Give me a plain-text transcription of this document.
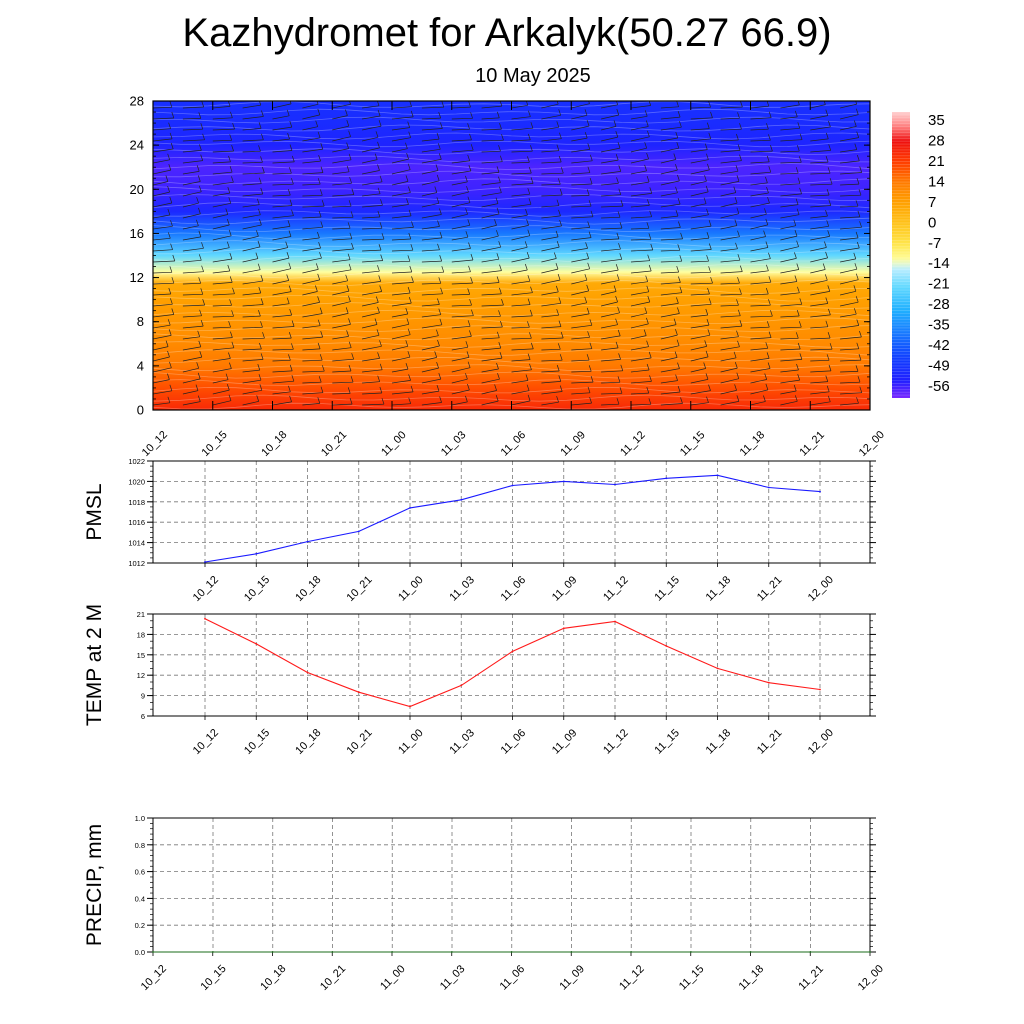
Kazhydromet for Arkalyk(50.27 66.9)
10 May 2025
0
4
8
12
16
20
24
28
10_12	10_15	10_18	10_21	11_00	11_03	11_06	11_09	11_12	11_15	11_18	11_21	12_00
35
28
21
14
7
0
-7
-14
-21
-28
-35
-42
-49
-56
1012
1014
1016
1018
1020
1022
10_12 10_15 10_18 10_21 11_00 11_03 11_06 11_09 11_12 11_15 11_18 11_21 12_00
PMSL
6
9
12
15
18
21
10_12 10_15 10_18 10_21 11_00 11_03 11_06 11_09 11_12 11_15 11_18 11_21 12_00
TEMP at 2 M
0.0
0.2
0.4
0.6
0.8
1.0
10_12	10_15	10_18	10_21	11_00	11_03	11_06	11_09	11_12	11_15	11_18	11_21	12_00
PRECIP, mm
